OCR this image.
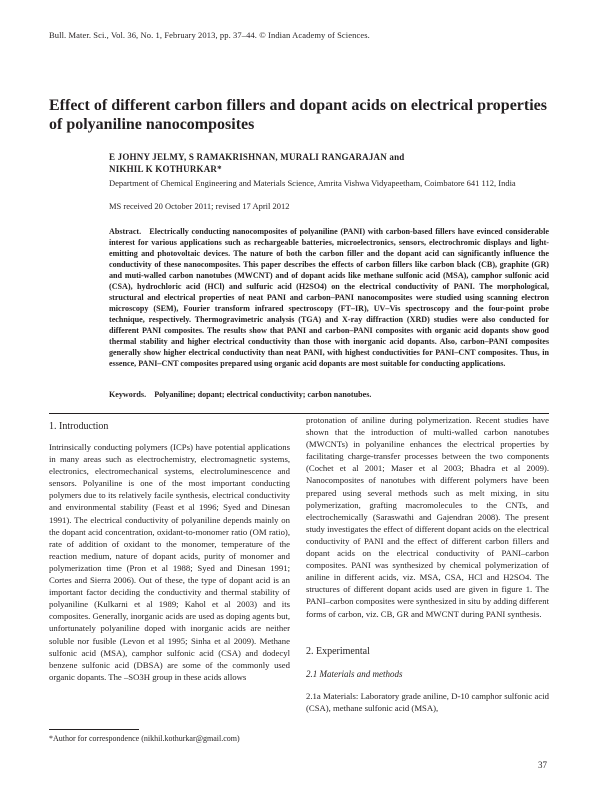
Bull. Mater. Sci., Vol. 36, No. 1, February 2013, pp. 37–44. © Indian Academy of Sciences.
Effect of different carbon fillers and dopant acids on electrical properties of polyaniline nanocomposites
E JOHNY JELMY, S RAMAKRISHNAN, MURALI RANGARAJAN and
NIKHIL K KOTHURKAR*
Department of Chemical Engineering and Materials Science, Amrita Vishwa Vidyapeetham, Coimbatore 641 112, India
MS received 20 October 2011; revised 17 April 2012
Abstract. Electrically conducting nanocomposites of polyaniline (PANI) with carbon-based fillers have evinced considerable interest for various applications such as rechargeable batteries, microelectronics, sensors, electrochromic displays and light-emitting and photovoltaic devices. The nature of both the carbon filler and the dopant acid can significantly influence the conductivity of these nanocomposites. This paper describes the effects of carbon fillers like carbon black (CB), graphite (GR) and muti-walled carbon nanotubes (MWCNT) and of dopant acids like methane sulfonic acid (MSA), camphor sulfonic acid (CSA), hydrochloric acid (HCl) and sulfuric acid (H2SO4) on the electrical conductivity of PANI. The morphological, structural and electrical properties of neat PANI and carbon–PANI nanocomposites were studied using scanning electron microscopy (SEM), Fourier transform infrared spectroscopy (FT–IR), UV–Vis spectroscopy and the four-point probe technique, respectively. Thermogravimetric analysis (TGA) and X-ray diffraction (XRD) studies were also conducted for different PANI composites. The results show that PANI and carbon–PANI composites with organic acid dopants show good thermal stability and higher electrical conductivity than those with inorganic acid dopants. Also, carbon–PANI composites generally show higher electrical conductivity than neat PANI, with highest conductivities for PANI–CNT composites. Thus, in essence, PANI–CNT composites prepared using organic acid dopants are most suitable for conducting applications.
Keywords. Polyaniline; dopant; electrical conductivity; carbon nanotubes.
1. Introduction
Intrinsically conducting polymers (ICPs) have potential applications in many areas such as electrochemistry, electromagnetic systems, electronics, electromechanical systems, electroluminescence and sensors. Polyaniline is one of the most important conducting polymers due to its relatively facile synthesis, electrical conductivity and environmental stability (Feast et al 1996; Syed and Dinesan 1991). The electrical conductivity of polyaniline depends mainly on the dopant acid concentration, oxidant-to-monomer ratio (OM ratio), rate of addition of oxidant to the monomer, temperature of the reaction medium, nature of dopant acids, purity of monomer and polymerization time (Pron et al 1988; Syed and Dinesan 1991; Cortes and Sierra 2006). Out of these, the type of dopant acid is an important factor deciding the conductivity and thermal stability of polyaniline (Kulkarni et al 1989; Kahol et al 2003) and its composites. Generally, inorganic acids are used as doping agents but, unfortunately polyaniline doped with inorganic acids are neither soluble nor fusible (Levon et al 1995; Sinha et al 2009). Methane sulfonic acid (MSA), camphor sulfonic acid (CSA) and dodecyl benzene sulfonic acid (DBSA) are some of the commonly used organic dopants. The –SO3H group in these acids allows
protonation of aniline during polymerization. Recent studies have shown that the introduction of multi-walled carbon nanotubes (MWCNTs) in polyaniline enhances the electrical properties by facilitating charge-transfer processes between the two components (Cochet et al 2001; Maser et al 2003; Bhadra et al 2009). Nanocomposites of nanotubes with different polymers have been prepared using several methods such as melt mixing, in situ polymerization, grafting macromolecules to the CNTs, and electrochemically (Saraswathi and Gajendran 2008). The present study investigates the effect of different dopant acids on the electrical conductivity of PANI and the effect of different carbon fillers and dopant acids on the electrical conductivity of PANI–carbon composites. PANI was synthesized by chemical polymerization of aniline in different acids, viz. MSA, CSA, HCl and H2SO4. The structures of different dopant acids used are given in figure 1. The PANI–carbon composites were synthesized in situ by adding different forms of carbon, viz. CB, GR and MWCNT during PANI synthesis.
2. Experimental
2.1 Materials and methods
2.1a Materials: Laboratory grade aniline, D-10 camphor sulfonic acid (CSA), methane sulfonic acid (MSA),
*Author for correspondence (nikhil.kothurkar@gmail.com)
37
